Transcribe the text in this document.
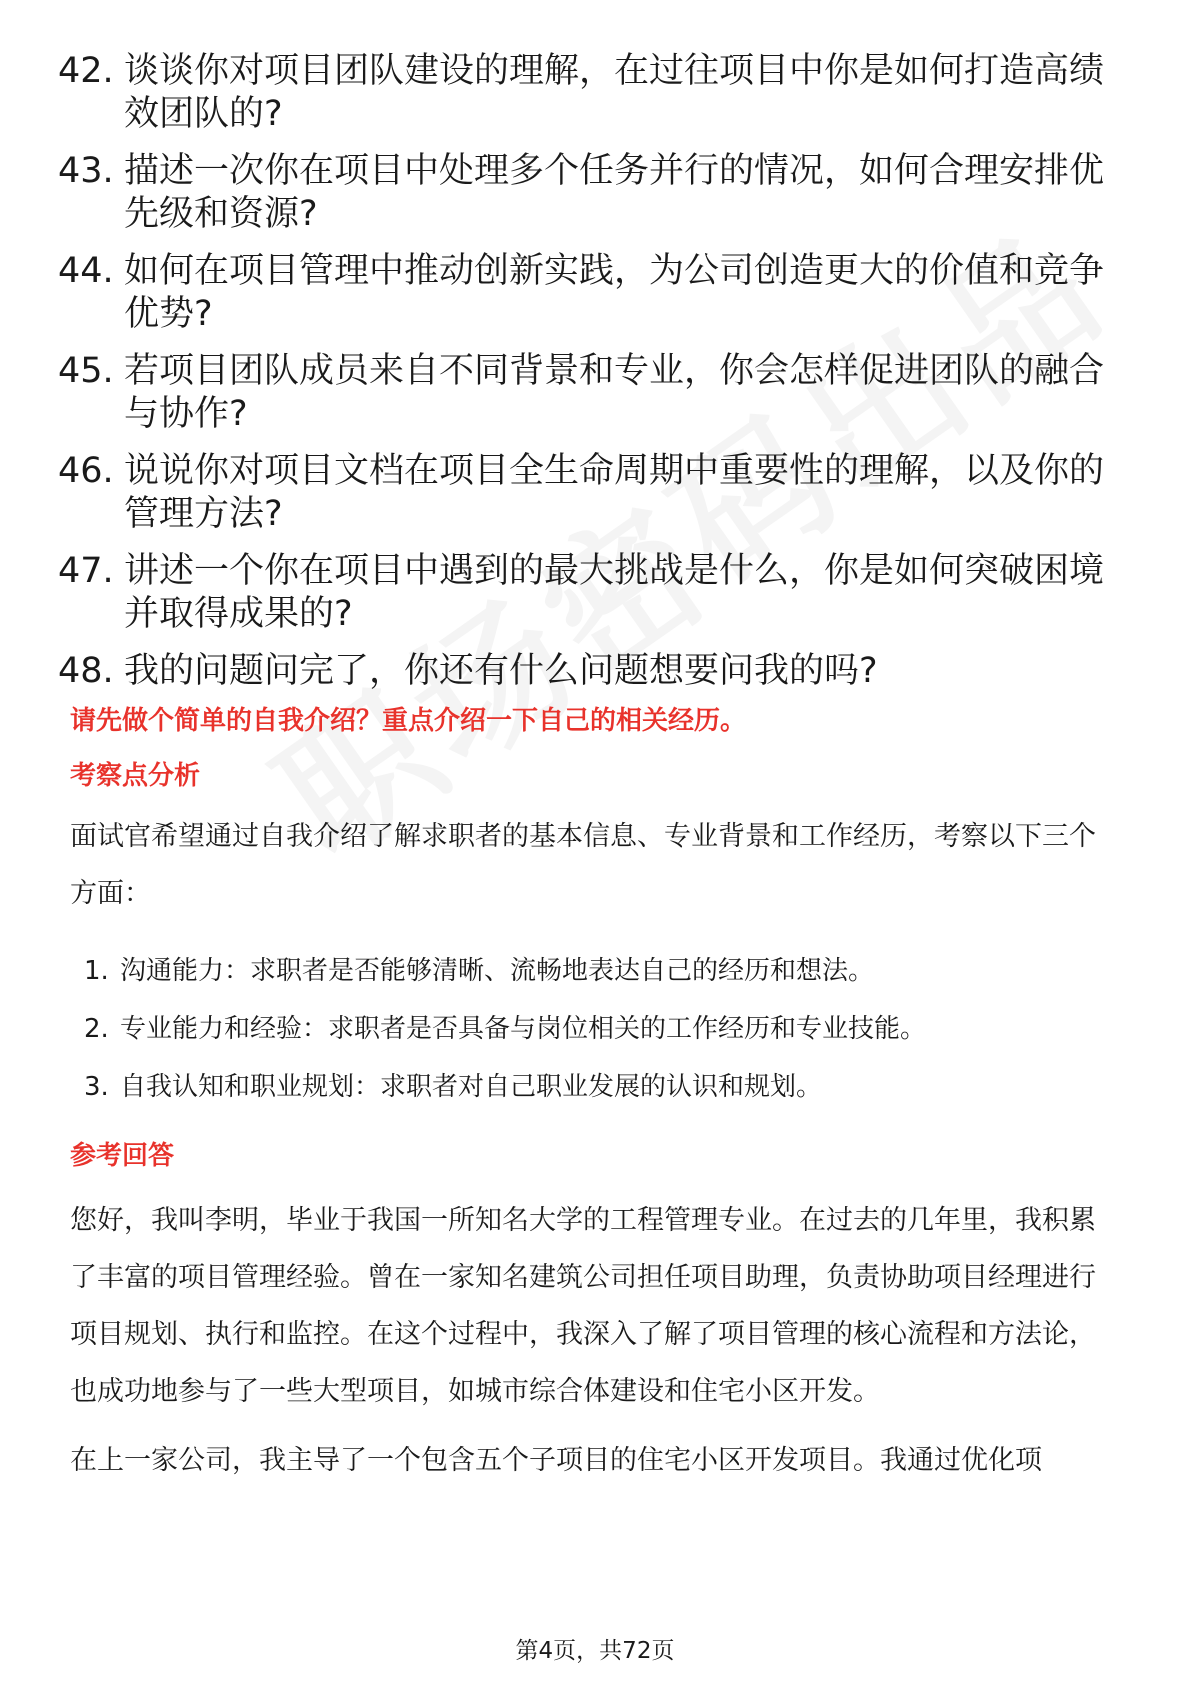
42. 谈谈你对项目团队建设的理解，在过往项目中你是如何打造高绩效团队的?
43. 描述一次你在项目中处理多个任务并行的情况，如何合理安排优先级和资源?
44. 如何在项目管理中推动创新实践，为公司创造更大的价值和竞争优势?
45. 若项目团队成员来自不同背景和专业，你会怎样促进团队的融合与协作?
46. 说说你对项目文档在项目全生命周期中重要性的理解，以及你的管理方法?
47. 讲述一个你在项目中遇到的最大挑战是什么，你是如何突破困境并取得成果的?
48. 我的问题问完了，你还有什么问题想要问我的吗?
请先做个简单的自我介绍？重点介绍一下自己的相关经历。
考察点分析
面试官希望通过自我介绍了解求职者的基本信息、专业背景和工作经历，考察以下三个方面：
1. 沟通能力：求职者是否能够清晰、流畅地表达自己的经历和想法。
2. 专业能力和经验：求职者是否具备与岗位相关的工作经历和专业技能。
3. 自我认知和职业规划：求职者对自己职业发展的认识和规划。
参考回答
您好，我叫李明，毕业于我国一所知名大学的工程管理专业。在过去的几年里，我积累了丰富的项目管理经验。曾在一家知名建筑公司担任项目助理，负责协助项目经理进行项目规划、执行和监控。在这个过程中，我深入了解了项目管理的核心流程和方法论，也成功地参与了一些大型项目，如城市综合体建设和住宅小区开发。
在上一家公司，我主导了一个包含五个子项目的住宅小区开发项目。我通过优化项
第4页，共72页
